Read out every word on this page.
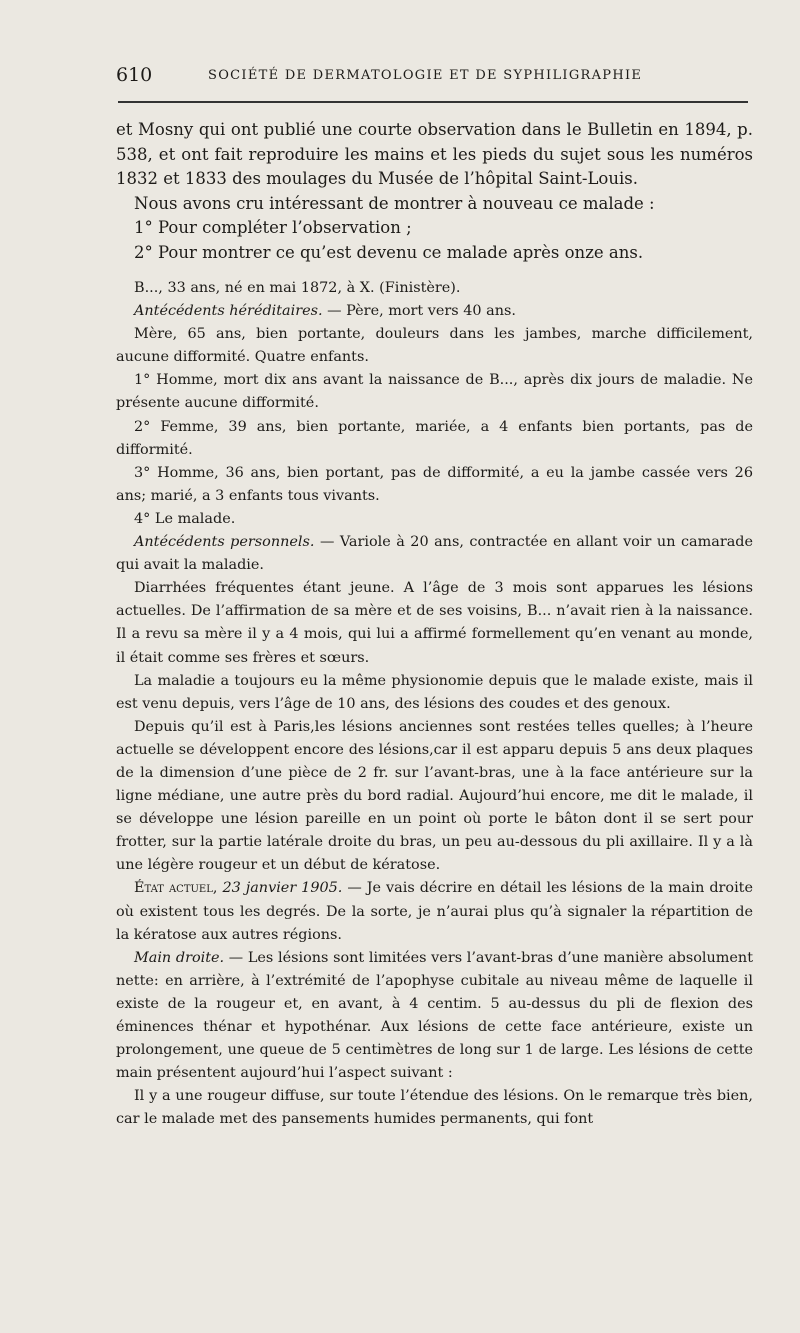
610	SOCIÉTÉ DE DERMATOLOGIE ET DE SYPHILIGRAPHIE

et Mosny qui ont publié une courte observation dans le Bulletin en 1894, p. 538, et ont fait reproduire les mains et les pieds du sujet sous les numéros 1832 et 1833 des moulages du Musée de l’hôpital Saint-Louis.

Nous avons cru intéressant de montrer à nouveau ce malade :

1° Pour compléter l’observation ;

2° Pour montrer ce qu’est devenu ce malade après onze ans.

B..., 33 ans, né en mai 1872, à X. (Finistère).

Antécédents héréditaires. — Père, mort vers 40 ans.

Mère, 65 ans, bien portante, douleurs dans les jambes, marche difficilement, aucune difformité. Quatre enfants.

1° Homme, mort dix ans avant la naissance de B..., après dix jours de maladie. Ne présente aucune difformité.

2° Femme, 39 ans, bien portante, mariée, a 4 enfants bien portants, pas de difformité.

3° Homme, 36 ans, bien portant, pas de difformité, a eu la jambe cassée vers 26 ans; marié, a 3 enfants tous vivants.

4° Le malade.

Antécédents personnels. — Variole à 20 ans, contractée en allant voir un camarade qui avait la maladie.

Diarrhées fréquentes étant jeune. A l’âge de 3 mois sont apparues les lésions actuelles. De l’affirmation de sa mère et de ses voisins, B... n’avait rien à la naissance. Il a revu sa mère il y a 4 mois, qui lui a affirmé formellement qu’en venant au monde, il était comme ses frères et sœurs.

La maladie a toujours eu la même physionomie depuis que le malade existe, mais il est venu depuis, vers l’âge de 10 ans, des lésions des coudes et des genoux.

Depuis qu’il est à Paris,les lésions anciennes sont restées telles quelles; à l’heure actuelle se développent encore des lésions,car il est apparu depuis 5 ans deux plaques de la dimension d’une pièce de 2 fr. sur l’avant-bras, une à la face antérieure sur la ligne médiane, une autre près du bord radial. Aujourd’hui encore, me dit le malade, il se développe une lésion pareille en un point où porte le bâton dont il se sert pour frotter, sur la partie latérale droite du bras, un peu au-dessous du pli axillaire. Il y a là une légère rougeur et un début de kératose.

État actuel, 23 janvier 1905. — Je vais décrire en détail les lésions de la main droite où existent tous les degrés. De la sorte, je n’aurai plus qu’à signaler la répartition de la kératose aux autres régions.

Main droite. — Les lésions sont limitées vers l’avant-bras d’une manière absolument nette: en arrière, à l’extrémité de l’apophyse cubitale au niveau même de laquelle il existe de la rougeur et, en avant, à 4 centim. 5 au-dessus du pli de flexion des éminences thénar et hypothénar. Aux lésions de cette face antérieure, existe un prolongement, une queue de 5 centimètres de long sur 1 de large. Les lésions de cette main présentent aujourd’hui l’aspect suivant :

Il y a une rougeur diffuse, sur toute l’étendue des lésions. On le remarque très bien, car le malade met des pansements humides permanents, qui font
